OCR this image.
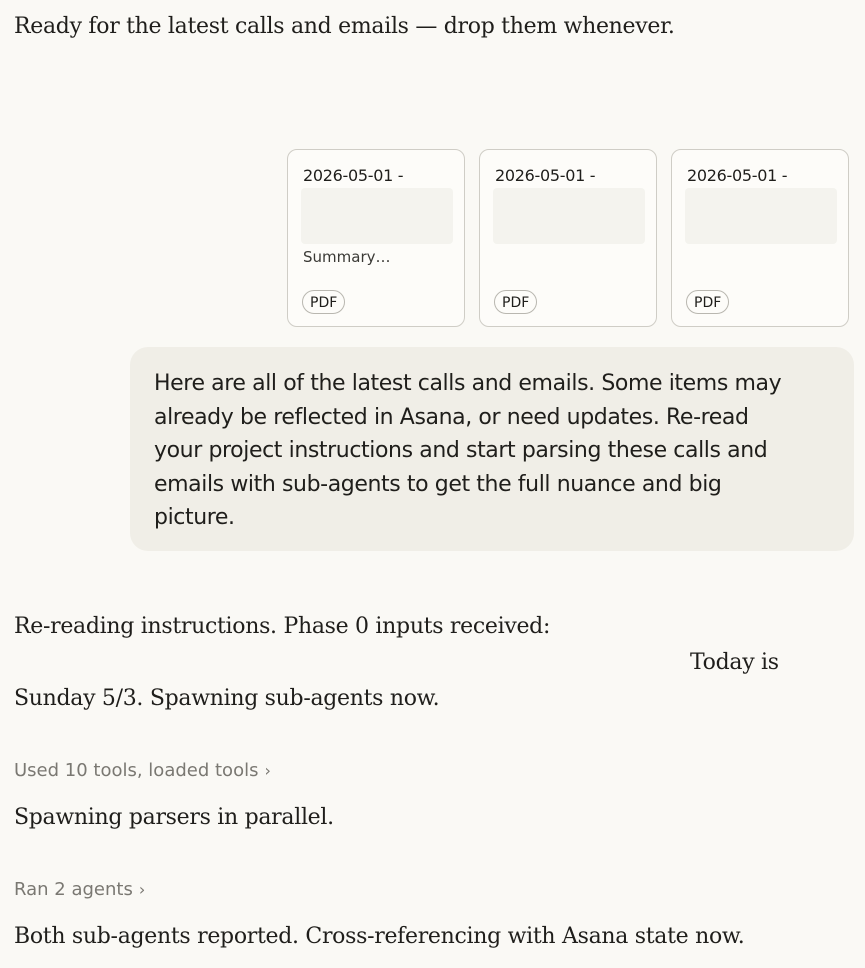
Ready for the latest calls and emails — drop them whenever.
2026-05-01 -
Summary…
PDF
2026-05-01 -
PDF
2026-05-01 -
PDF
Here are all of the latest calls and emails. Some items may
already be reflected in Asana, or need updates. Re-read
your project instructions and start parsing these calls and
emails with sub-agents to get the full nuance and big
picture.
Re-reading instructions. Phase 0 inputs received:
Today is
Sunday 5/3. Spawning sub-agents now.
Used 10 tools, loaded tools ›
Spawning parsers in parallel.
Ran 2 agents ›
Both sub-agents reported. Cross-referencing with Asana state now.
